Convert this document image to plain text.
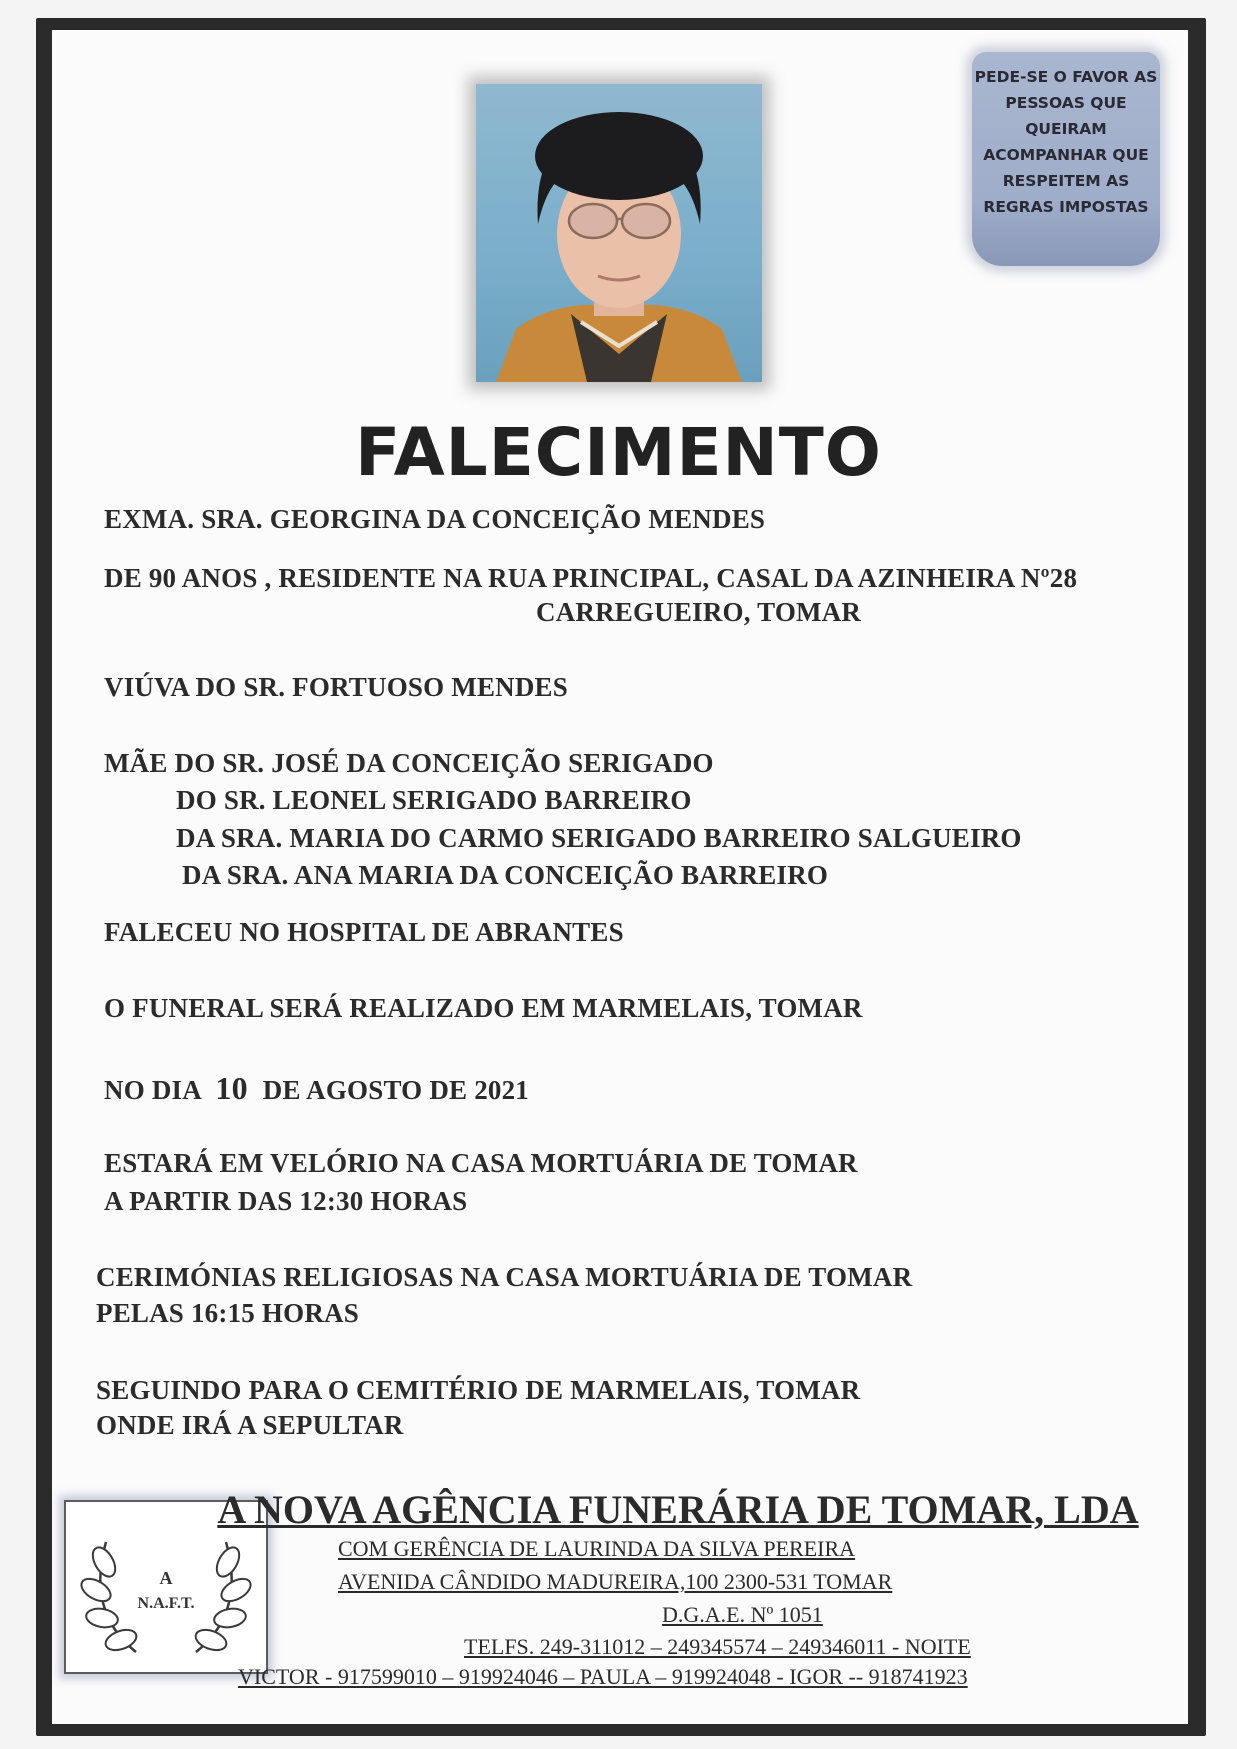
PEDE-SE O FAVOR AS
PESSOAS QUE
QUEIRAM
ACOMPANHAR QUE
RESPEITEM AS
REGRAS IMPOSTAS
FALECIMENTO
EXMA. SRA. GEORGINA DA CONCEIÇÃO MENDES
DE 90 ANOS , RESIDENTE NA RUA PRINCIPAL, CASAL DA AZINHEIRA Nº28
CARREGUEIRO, TOMAR
VIÚVA DO SR. FORTUOSO MENDES
MÃE DO SR. JOSÉ DA CONCEIÇÃO SERIGADO
DO SR. LEONEL SERIGADO BARREIRO
DA SRA. MARIA DO CARMO SERIGADO BARREIRO SALGUEIRO
DA SRA. ANA MARIA DA CONCEIÇÃO BARREIRO
FALECEU NO HOSPITAL DE ABRANTES
O FUNERAL SERÁ REALIZADO EM MARMELAIS, TOMAR
NO DIA 10 DE AGOSTO DE 2021
ESTARÁ EM VELÓRIO NA CASA MORTUÁRIA DE TOMAR
A PARTIR DAS 12:30 HORAS
CERIMÓNIAS RELIGIOSAS NA CASA MORTUÁRIA DE TOMAR
PELAS 16:15 HORAS
SEGUINDO PARA O CEMITÉRIO DE MARMELAIS, TOMAR
ONDE IRÁ A SEPULTAR
A
N.A.F.T.
A NOVA AGÊNCIA FUNERÁRIA DE TOMAR, LDA
COM GERÊNCIA DE LAURINDA DA SILVA PEREIRA
AVENIDA CÂNDIDO MADUREIRA,100 2300-531 TOMAR
D.G.A.E. Nº 1051
TELFS. 249-311012 – 249345574 – 249346011 - NOITE
VICTOR - 917599010 – 919924046 – PAULA – 919924048 - IGOR -- 918741923
